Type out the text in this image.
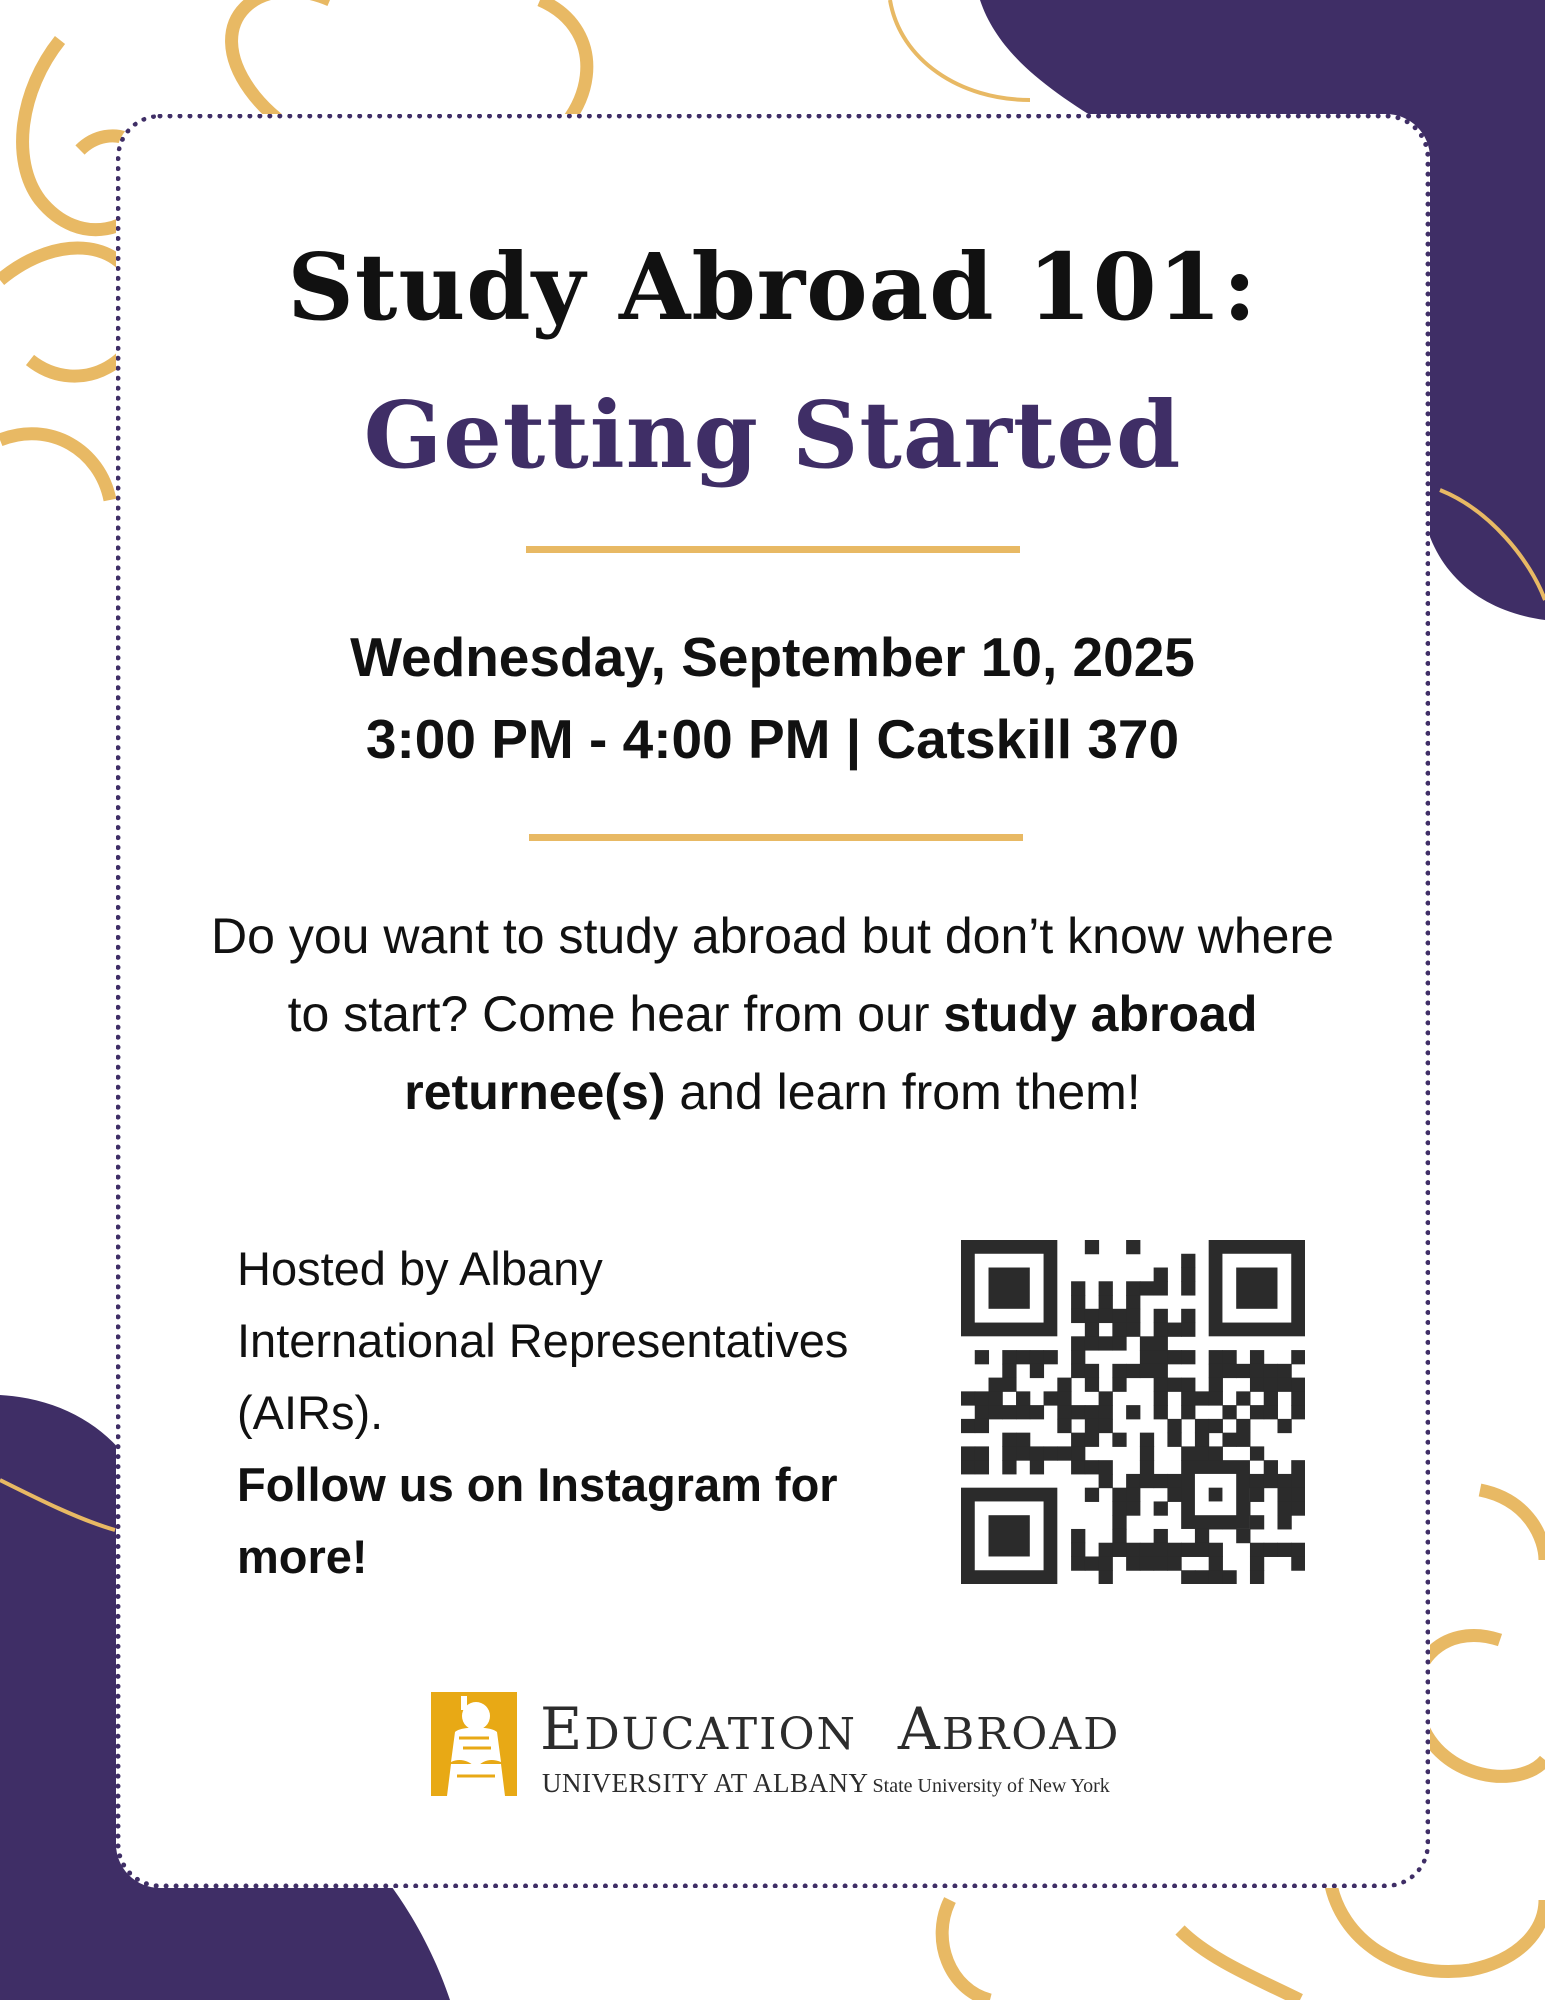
Study Abroad 101:
Getting Started
Wednesday, September 10, 2025
3:00 PM - 4:00 PM | Catskill 370
Do you want to study abroad but don’t know where to start? Come hear from our study abroad returnee(s) and learn from them!
Hosted by Albany International Representatives (AIRs).
Follow us on Instagram for more!
EDUCATION ABROAD
UNIVERSITY AT ALBANY State University of New York
